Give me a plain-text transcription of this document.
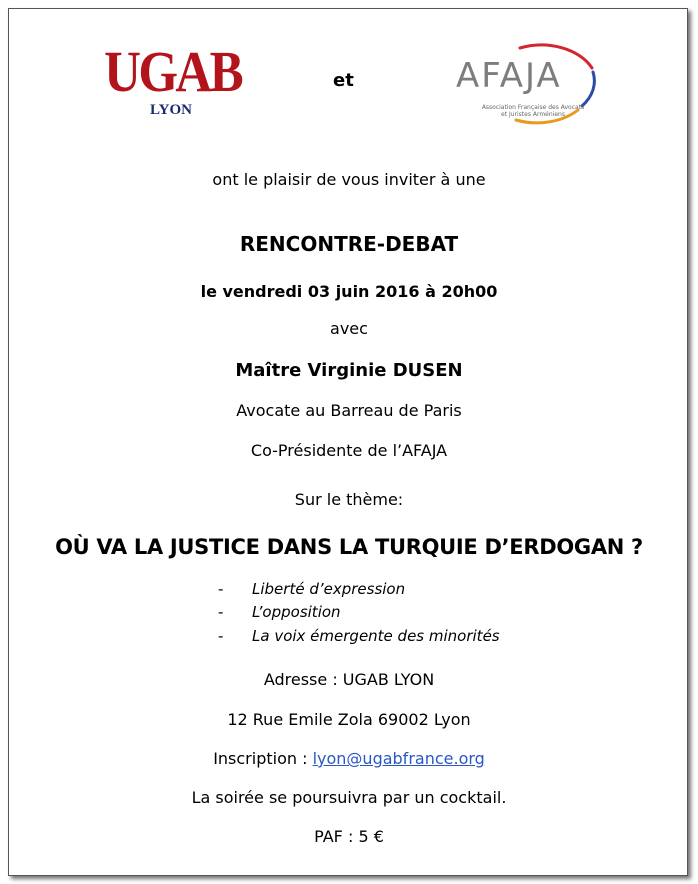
UGAB
LYON
et	AFAJA
Association Française des Avocats et Juristes Arméniens
ont le plaisir de vous inviter à une
RENCONTRE-DEBAT
le vendredi 03 juin 2016 à 20h00
avec
Maître Virginie DUSEN
Avocate au Barreau de Paris
Co-Présidente de l’AFAJA
Sur le thème:
OÙ VA LA JUSTICE DANS LA TURQUIE D’ERDOGAN ?
- Liberté d’expression
- L’opposition
- La voix émergente des minorités
Adresse : UGAB LYON
12 Rue Emile Zola 69002 Lyon
Inscription : lyon@ugabfrance.org
La soirée se poursuivra par un cocktail.
PAF : 5 €
